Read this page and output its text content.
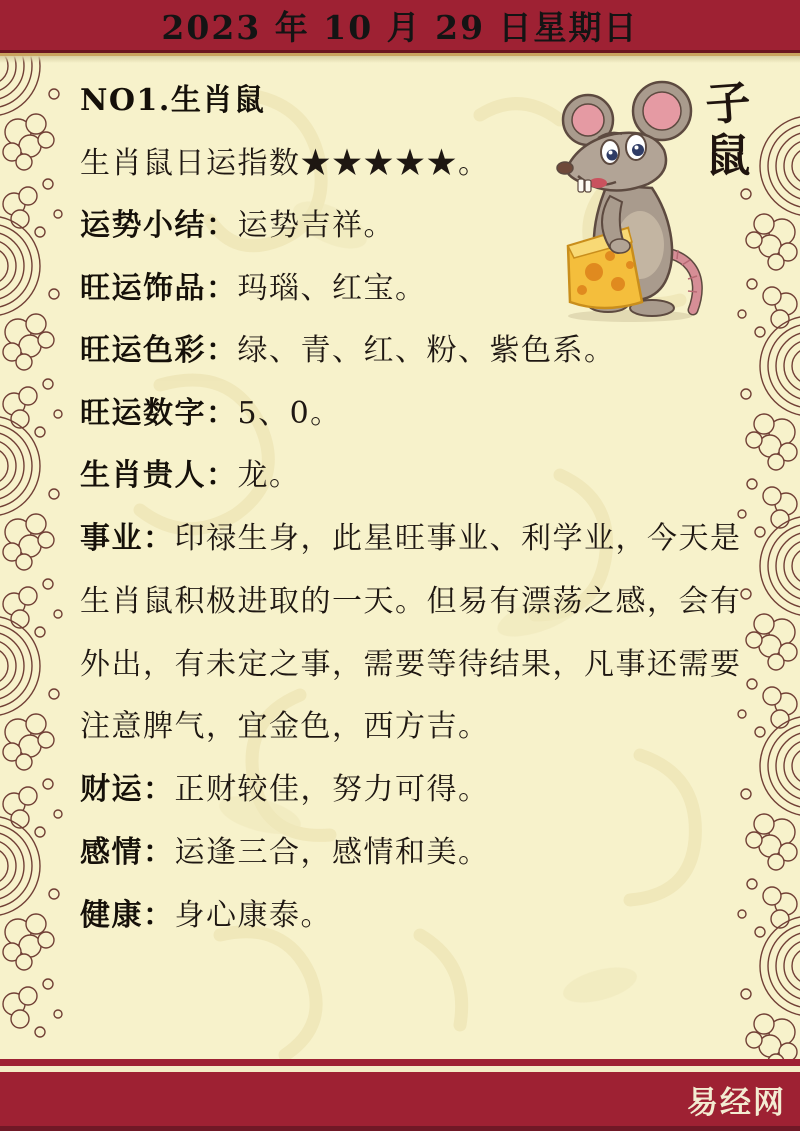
2023 年 10 月 29 日星期日
子
鼠
NO1.生肖鼠
生肖鼠日运指数★★★★★。
运势小结：运势吉祥。
旺运饰品：玛瑙、红宝。
旺运色彩：绿、青、红、粉、紫色系。
旺运数字：5、0。
生肖贵人：龙。
事业：印禄生身，此星旺事业、利学业，今天是
生肖鼠积极进取的一天。但易有漂荡之感，会有
外出，有未定之事，需要等待结果，凡事还需要
注意脾气，宜金色，西方吉。
财运：正财较佳，努力可得。
感情：运逢三合，感情和美。
健康：身心康泰。
易经网
